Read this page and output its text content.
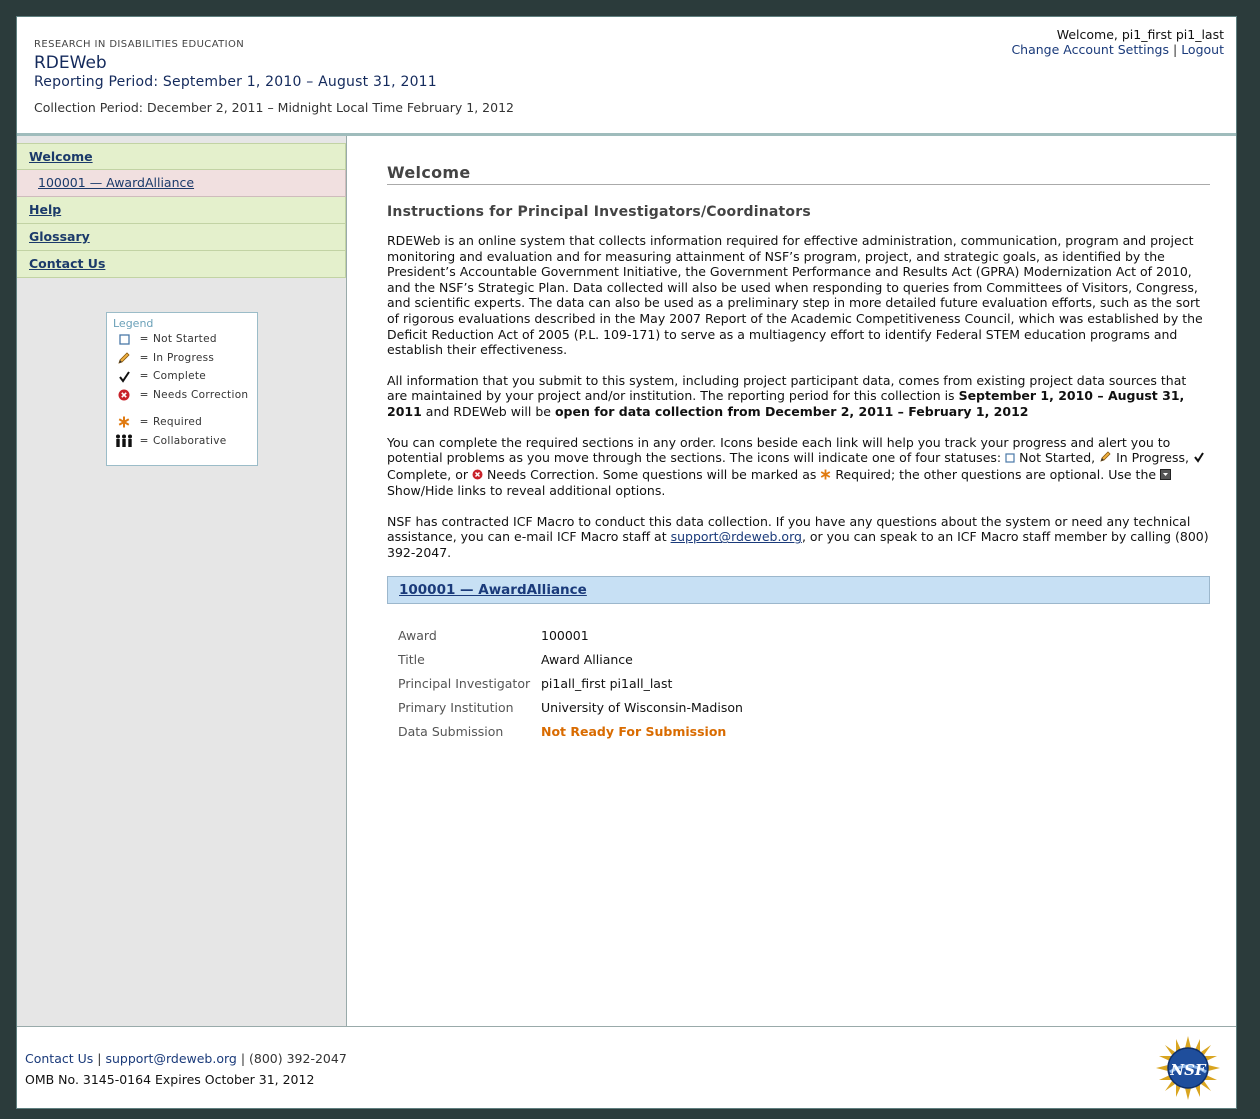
RESEARCH IN DISABILITIES EDUCATION
RDEWeb
Reporting Period: September 1, 2010 – August 31, 2011
Collection Period: December 2, 2011 – Midnight Local Time February 1, 2012
Welcome, pi1_first pi1_last
Change Account Settings | Logout
Welcome
100001 — AwardAlliance
Help
Glossary
Contact Us
Legend
= Not Started
= In Progress
= Complete
= Needs Correction
= Required
= Collaborative
Welcome
Instructions for Principal Investigators/Coordinators

RDEWeb is an online system that collects information required for effective administration, communication, program and project monitoring and evaluation and for measuring attainment of NSF’s program, project, and strategic goals, as identified by the President’s Accountable Government Initiative, the Government Performance and Results Act (GPRA) Modernization Act of 2010, and the NSF’s Strategic Plan. Data collected will also be used when responding to queries from Committees of Visitors, Congress, and scientific experts. The data can also be used as a preliminary step in more detailed future evaluation efforts, such as the sort of rigorous evaluations described in the May 2007 Report of the Academic Competitiveness Council, which was established by the Deficit Reduction Act of 2005 (P.L. 109-171) to serve as a multiagency effort to identify Federal STEM education programs and establish their effectiveness.

All information that you submit to this system, including project participant data, comes from existing project data sources that are maintained by your project and/or institution. The reporting period for this collection is September 1, 2010 – August 31, 2011 and RDEWeb will be open for data collection from December 2, 2011 – February 1, 2012

You can complete the required sections in any order. Icons beside each link will help you track your progress and alert you to potential problems as you move through the sections. The icons will indicate one of four statuses: Not Started, In Progress,  Complete, or Needs Correction. Some questions will be marked as Required; the other questions are optional. Use the  Show/Hide links to reveal additional options.

NSF has contracted ICF Macro to conduct this data collection. If you have any questions about the system or need any technical assistance, you can e-mail ICF Macro staff at support@rdeweb.org, or you can speak to an ICF Macro staff member by calling (800) 392-2047.

100001 — AwardAlliance
Award	100001
Title	Award Alliance
Principal Investigator	pi1all_first pi1all_last
Primary Institution	University of Wisconsin-Madison
Data Submission	Not Ready For Submission
Contact Us | support@rdeweb.org | (800) 392-2047
OMB No. 3145-0164 Expires October 31, 2012
NSF
